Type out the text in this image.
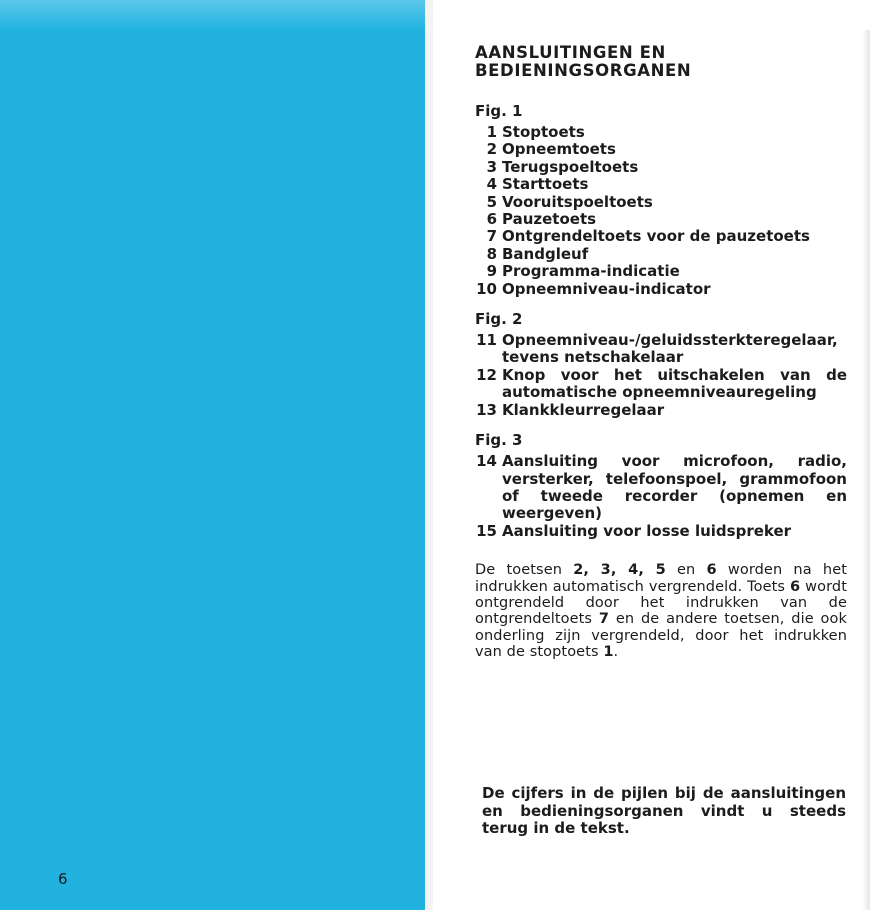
6
AANSLUITINGEN EN
BEDIENINGSORGANEN
Fig. 1
1 Stoptoets
2 Opneemtoets
3 Terugspoeltoets
4 Starttoets
5 Vooruitspoeltoets
6 Pauzetoets
7 Ontgrendeltoets voor de pauzetoets
8 Bandgleuf
9 Programma-indicatie
10 Opneemniveau-indicator
Fig. 2
11 Opneemniveau-/geluidssterkteregelaar, tevens netschakelaar
12 Knop voor het uitschakelen van de automatische opneemniveauregeling
13 Klankkleurregelaar
Fig. 3
14 Aansluiting voor microfoon, radio, versterker, telefoonspoel, grammofoon of tweede recorder (opnemen en weergeven)
15 Aansluiting voor losse luidspreker

De toetsen 2, 3, 4, 5 en 6 worden na het indrukken automatisch vergrendeld. Toets 6 wordt ontgrendeld door het indrukken van de ontgrendeltoets 7 en de andere toetsen, die ook onderling zijn vergrendeld, door het indrukken van de stoptoets 1.

De cijfers in de pijlen bij de aansluitingen en bedieningsorganen vindt u steeds terug in de tekst.
